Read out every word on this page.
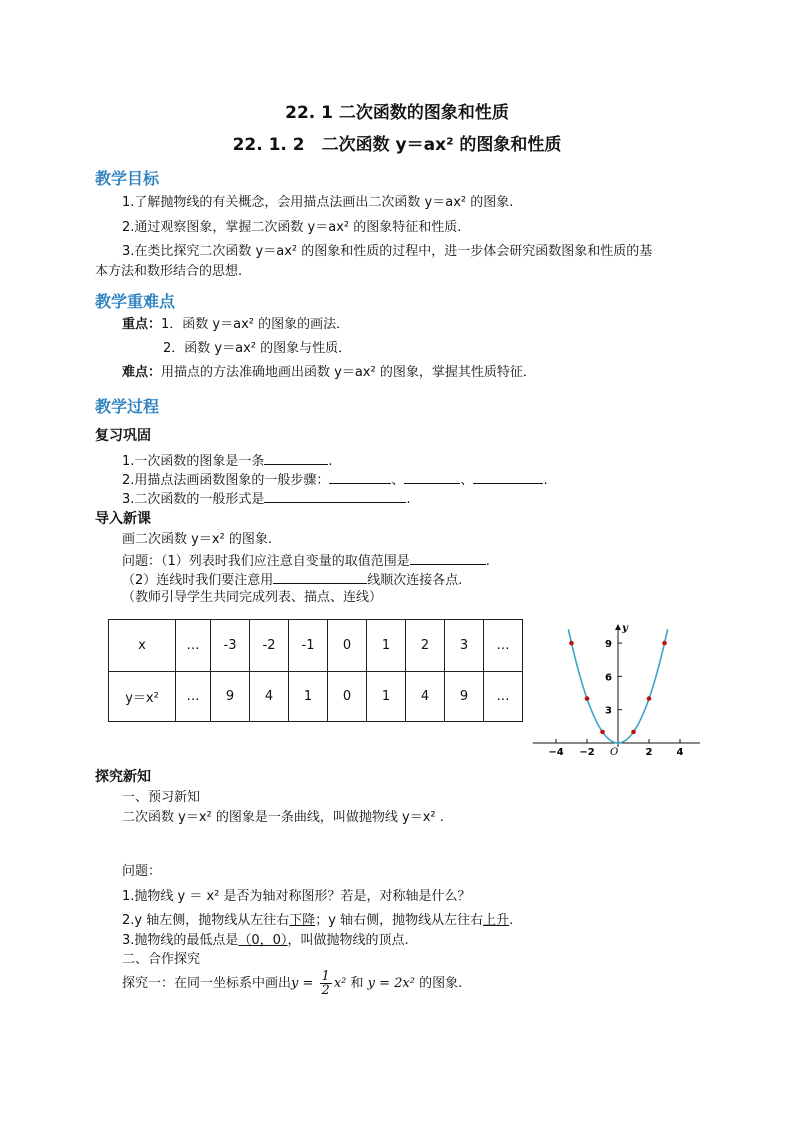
22. 1 二次函数的图象和性质
22. 1. 2　二次函数 y＝ax² 的图象和性质
教学目标
1.了解抛物线的有关概念，会用描点法画出二次函数 y＝ax² 的图象.
2.通过观察图象，掌握二次函数 y＝ax² 的图象特征和性质.
3.在类比探究二次函数 y＝ax² 的图象和性质的过程中，进一步体会研究函数图象和性质的基
本方法和数形结合的思想.
教学重难点
重点：1．函数 y＝ax² 的图象的画法．
2．函数 y＝ax² 的图象与性质．
难点：用描点的方法准确地画出函数 y＝ax² 的图象，掌握其性质特征．
教学过程
复习巩固
1.一次函数的图象是一条	.
2.用描点法画函数图象的一般步骤：	、	、	.
3.二次函数的一般形式是	.
导入新课
画二次函数 y＝x² 的图象.
问题：（1）列表时我们应注意自变量的取值范围是	.
（2）连线时我们要注意用	线顺次连接各点.
（教师引导学生共同完成列表、描点、连线）
x	…	-3	-2	-1	0	1	2	3	…
y＝x²	…	9	4	1	0	1	4	9	…
y
O
−4 −2	2 4
3
6
9
探究新知
一、预习新知
二次函数 y＝x² 的图象是一条曲线，叫做抛物线 y＝x² .
问题：
1.抛物线 y ＝ x² 是否为轴对称图形？若是，对称轴是什么？
2.y 轴左侧，抛物线从左往右下降；y 轴右侧，抛物线从左往右上升.
3.抛物线的最低点是（0，0），叫做抛物线的顶点.
二、合作探究
探究一：在同一坐标系中画出$y = \frac{1}{2} x^2$ 和 y = 2x² 的图象.
